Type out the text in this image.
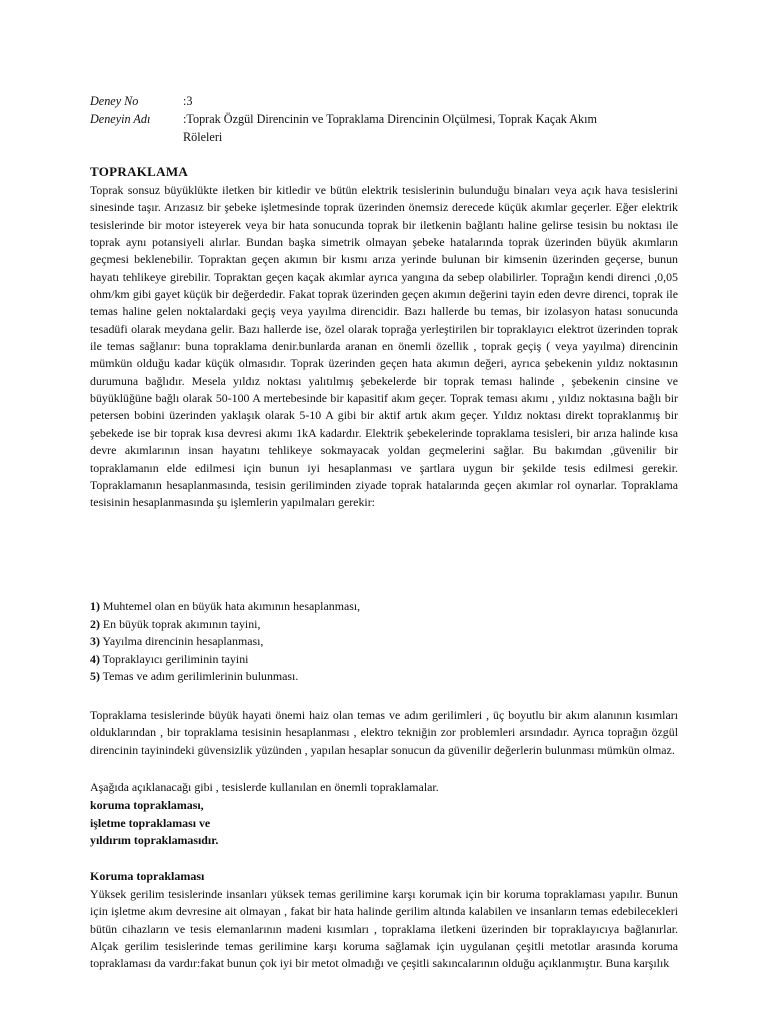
Deney No	:3
Deneyin Adı	:Toprak Özgül Direncinin ve Topraklama Direncinin Olçülmesi, Toprak Kaçak Akım Röleleri
TOPRAKLAMA

Toprak sonsuz büyüklükte iletken bir kitledir ve bütün elektrik tesislerinin bulunduğu binaları veya açık hava tesislerini sinesinde taşır. Arızasız bir şebeke işletmesinde toprak üzerinden önemsiz derecede küçük akımlar geçerler. Eğer elektrik tesislerinde bir motor isteyerek veya bir hata sonucunda toprak bir iletkenin bağlantı haline gelirse tesisin bu noktası ile toprak aynı potansiyeli alırlar. Bundan başka simetrik olmayan şebeke hatalarında toprak üzerinden büyük akımların geçmesi beklenebilir. Topraktan geçen akımın bir kısmı arıza yerinde bulunan bir kimsenin üzerinden geçerse, bunun hayatı tehlikeye girebilir. Topraktan geçen kaçak akımlar ayrıca yangına da sebep olabilirler. Toprağın kendi direnci ,0,05 ohm/km gibi gayet küçük bir değerdedir. Fakat toprak üzerinden geçen akımın değerini tayin eden devre direnci, toprak ile temas haline gelen noktalardaki geçiş veya yayılma direncidir. Bazı hallerde bu temas, bir izolasyon hatası sonucunda tesadüfi olarak meydana gelir. Bazı hallerde ise, özel olarak toprağa yerleştirilen bir topraklayıcı elektrot üzerinden toprak ile temas sağlanır: buna topraklama denir.bunlarda aranan en önemli özellik , toprak geçiş ( veya yayılma) direncinin mümkün olduğu kadar küçük olmasıdır. Toprak üzerinden geçen hata akımın değeri, ayrıca şebekenin yıldız noktasının durumuna bağlıdır. Mesela yıldız noktası yalıtılmış şebekelerde bir toprak teması halinde , şebekenin cinsine ve büyüklüğüne bağlı olarak 50-100 A mertebesinde bir kapasitif akım geçer. Toprak teması akımı , yıldız noktasına bağlı bir petersen bobini üzerinden yaklaşık olarak 5-10 A gibi bir aktif artık akım geçer. Yıldız noktası direkt topraklanmış bir şebekede ise bir toprak kısa devresi akımı 1kA kadardır. Elektrik şebekelerinde topraklama tesisleri, bir arıza halinde kısa devre akımlarının insan hayatını tehlikeye sokmayacak yoldan geçmelerini sağlar. Bu bakımdan ,güvenilir bir topraklamanın elde edilmesi için bunun iyi hesaplanması ve şartlara uygun bir şekilde tesis edilmesi gerekir. Topraklamanın hesaplanmasında, tesisin geriliminden ziyade toprak hatalarında geçen akımlar rol oynarlar. Topraklama tesisinin hesaplanmasında şu işlemlerin yapılmaları gerekir:

1) Muhtemel olan en büyük hata akımının hesaplanması,
2) En büyük toprak akımının tayini,
3) Yayılma direncinin hesaplanması,
4) Topraklayıcı geriliminin tayini
5) Temas ve adım gerilimlerinin bulunması.

Topraklama tesislerinde büyük hayati önemi haiz olan temas ve adım gerilimleri , üç boyutlu bir akım alanının kısımları olduklarından , bir topraklama tesisinin hesaplanması , elektro tekniğin zor problemleri arsındadır. Ayrıca toprağın özgül direncinin tayinindeki güvensizlik yüzünden , yapılan hesaplar sonucun da güvenilir değerlerin bulunması mümkün olmaz.

Aşağıda açıklanacağı gibi , tesislerde kullanılan en önemli topraklamalar.

koruma topraklaması,
işletme topraklaması ve
yıldırım topraklamasıdır.
Koruma topraklaması

Yüksek gerilim tesislerinde insanları yüksek temas gerilimine karşı korumak için bir koruma topraklaması yapılır. Bunun için işletme akım devresine ait olmayan , fakat bir hata halinde gerilim altında kalabilen ve insanların temas edebilecekleri bütün cihazların ve tesis elemanlarının madeni kısımları , topraklama iletkeni üzerinden bir topraklayıcıya bağlanırlar. Alçak gerilim tesislerinde temas gerilimine karşı koruma sağlamak için uygulanan çeşitli metotlar arasında koruma topraklaması da vardır:fakat bunun çok iyi bir metot olmadığı ve çeşitli sakıncalarının olduğu açıklanmıştır. Buna karşılık
